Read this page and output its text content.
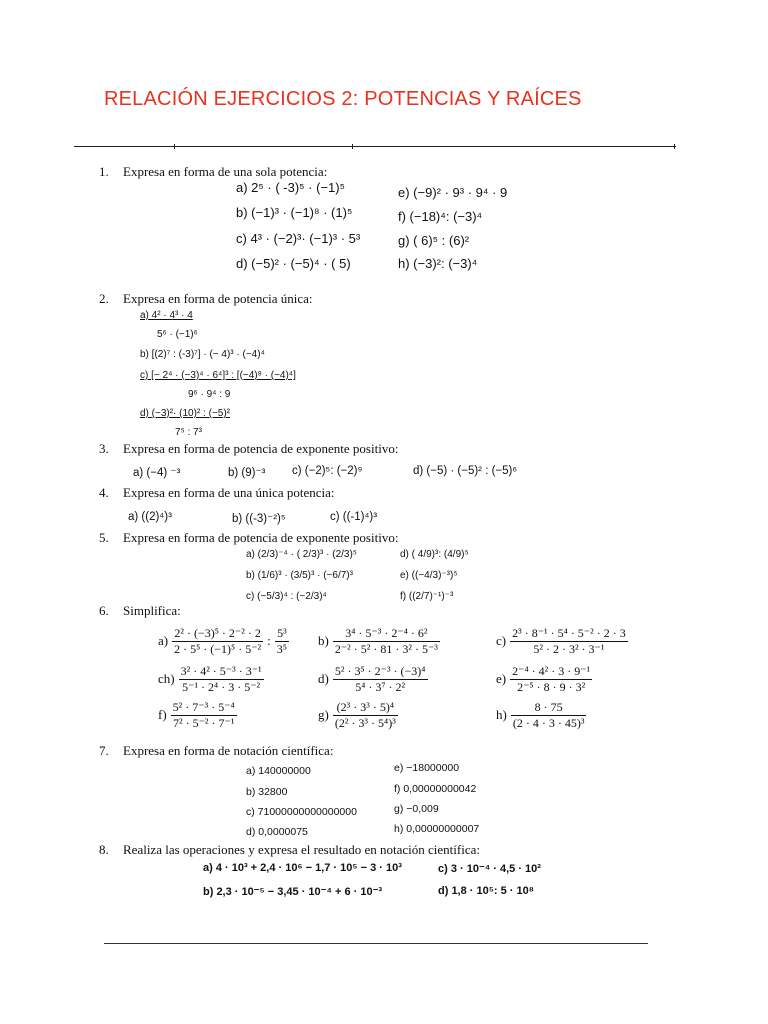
RELACIÓN EJERCICIOS 2: POTENCIAS Y RAÍCES
1. Expresa en forma de una sola potencia:
a) 2⁵ · ( -3)⁵ · (−1)⁵
b) (−1)³ · (−1)⁸ · (1)⁵
c) 4³ · (−2)³· (−1)³ · 5³
d) (−5)² · (−5)⁴ · ( 5)
e) (−9)² · 9³ · 9⁴ · 9
f) (−18)⁴: (−3)⁴
g) ( 6)⁵ : (6)²
h) (−3)²: (−3)⁴
2. Expresa en forma de potencia única:
a) 4² · 4³ · 4
5⁶ · (−1)⁶
b) [(2)⁷ : (-3)⁷] · (− 4)³ · (−4)⁴
c) [− 2⁴ · (−3)⁴ · 6⁴]³ : [(−4)⁸ · (−4)⁴]
9⁶ · 9⁴ : 9
d) (−3)²· (10)² : (−5)²
7⁵ : 7³
3. Expresa en forma de potencia de exponente positivo:
a) (−4) ⁻³	b) (9)⁻³ c) (−2)⁵: (−2)⁹	d) (−5) · (−5)² : (−5)⁶
4. Expresa en forma de una única potencia:
a) ((2)⁴)³	b) ((-3)⁻²)⁵	c) ((-1)⁴)³
5. Expresa en forma de potencia de exponente positivo:
a) (2/3)⁻⁴ · ( 2/3)³ · (2/3)⁵
b) (1/6)³ · (3/5)³ · (−6/7)³
c) (−5/3)⁴ : (−2/3)⁴
d) ( 4/9)³: (4/9)⁵
e) ((−4/3)⁻³)⁵
f) ((2/7)⁻¹)⁻³
6. Simplifica:
$a) \frac{\text{2² · (−3)⁵ · 2⁻² · 2}}{\text{2 · 5⁵ · (−1)⁵ · 5⁻²}}$ : $\frac{\text{5³}}{\text{3⁵}} b) \frac{\text{3⁴ · 5⁻³ · 2⁻⁴ · 6²}}{\text{2⁻² · 5² · 81 · 3² · 5⁻³}}$	$c) \frac{\text{2³ · 8⁻¹ · 5⁴ · 5⁻² · 2 · 3}}{\text{5² · 2 · 3² · 3⁻¹}}$
$ch) \frac{\text{3² · 4² · 5⁻³ · 3⁻¹}}{\text{5⁻¹ · 2⁴ · 3 · 5⁻²}}$	$d) \frac{\text{5² · 3⁵ · 2⁻³ · (−3)⁴}}{\text{5⁴ · 3⁷ · 2²}}$	$e) \frac{\text{2⁻⁴ · 4² · 3 · 9⁻¹}}{\text{2⁻⁵ · 8 · 9 · 3²}}$
$f) \frac{\text{5² · 7⁻³ · 5⁻⁴}}{\text{7² · 5⁻² · 7⁻¹}}$	$g) \frac{\text{(2³ · 3³ · 5)⁴}}{\text{(2² · 3³ · 5⁴)³}}$	$h) \frac{8 \cdot 75}{\text{(2 · 4 · 3 · 45)³}}$
7. Expresa en forma de notación científica:
a) 140000000
b) 32800
c) 71000000000000000
d) 0,0000075
e) −18000000
f) 0,00000000042
g) −0,009
h) 0,00000000007
8. Realiza las operaciones y expresa el resultado en notación científica:
a) 4 · 10³ + 2,4 · 10⁶ − 1,7 · 10⁵ − 3 · 10³
b) 2,3 · 10⁻⁵ − 3,45 · 10⁻⁴ + 6 · 10⁻³
c) 3 · 10⁻⁴ · 4,5 · 10²
d) 1,8 · 10⁵: 5 · 10⁸
